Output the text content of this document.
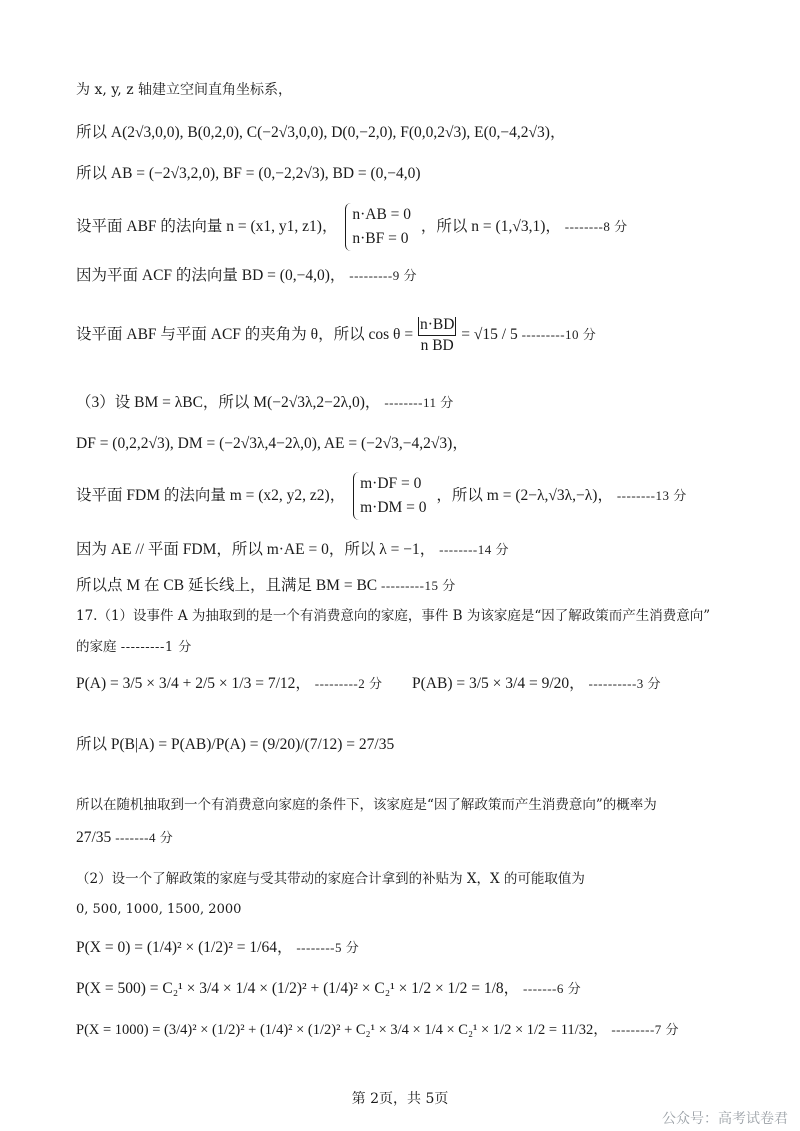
为 x, y, z 轴建立空间直角坐标系，
所以 A(2√3,0,0), B(0,2,0), C(−2√3,0,0), D(0,−2,0), F(0,0,2√3), E(0,−4,2√3)，
所以 AB = (−2√3,2,0), BF = (0,−2,2√3), BD = (0,−4,0)
设平面 ABF 的法向量 n = (x1, y1, z1)，
n·AB = 0
n·BF = 0
，所以 n = (1,√3,1)， --------8 分
因为平面 ACF 的法向量 BD = (0,−4,0)， ---------9 分
设平面 ABF 与平面 ACF 的夹角为 θ，所以 $\cos \theta = \frac{n\cdot BD}{\text{n BD}} = √15 / 5$ ---------10 分
（3）设 BM = λBC，所以 M(−2√3λ,2−2λ,0)， --------11 分
DF = (0,2,2√3), DM = (−2√3λ,4−2λ,0), AE = (−2√3,−4,2√3)，
设平面 FDM 的法向量 m = (x2, y2, z2)，
m·DF = 0
m·DM = 0
，所以 m = (2−λ,√3λ,−λ)， --------13 分
因为 AE // 平面 FDM，所以 m·AE = 0，所以 λ = −1， --------14 分
所以点 M 在 CB 延长线上，且满足 BM = BC ---------15 分
17.（1）设事件 A 为抽取到的是一个有消费意向的家庭，事件 B 为该家庭是“因了解政策而产生消费意向”
的家庭 ---------1 分
P(A) = 3/5 × 3/4 + 2/5 × 1/3 = 7/12， ---------2 分 P(AB) = 3/5 × 3/4 = 9/20， ----------3 分
所以 P(B|A) = P(AB)/P(A) = (9/20)/(7/12) = 27/35
所以在随机抽取到一个有消费意向家庭的条件下，该家庭是“因了解政策而产生消费意向”的概率为
27/35 -------4 分
（2）设一个了解政策的家庭与受其带动的家庭合计拿到的补贴为 X，X 的可能取值为
0, 500, 1000, 1500, 2000
P(X = 0) = (1/4)² × (1/2)² = 1/64， --------5 分
P(X = 500) = C₂¹ × 3/4 × 1/4 × (1/2)² + (1/4)² × C₂¹ × 1/2 × 1/2 = 1/8， -------6 分
P(X = 1000) = (3/4)² × (1/2)² + (1/4)² × (1/2)² + C₂¹ × 3/4 × 1/4 × C₂¹ × 1/2 × 1/2 = 11/32， ---------7 分
第 2页，共 5页
公众号：高考试卷君
